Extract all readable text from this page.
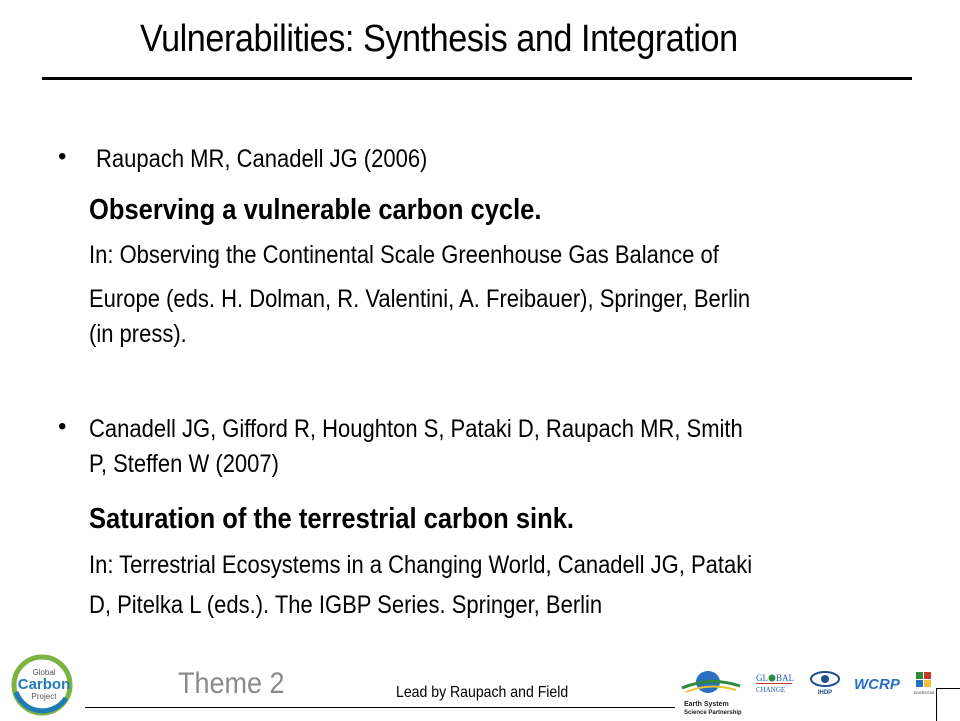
Vulnerabilities: Synthesis and Integration
• Raupach MR, Canadell JG (2006)
Observing a vulnerable carbon cycle.
In: Observing the Continental Scale Greenhouse Gas Balance of
Europe (eds. H. Dolman, R. Valentini, A. Freibauer), Springer, Berlin
(in press).
• Canadell JG, Gifford R, Houghton S, Pataki D, Raupach MR, Smith
P, Steffen W (2007)
Saturation of the terrestrial carbon sink.
In: Terrestrial Ecosystems in a Changing World, Canadell JG, Pataki
D, Pitelka L (eds.). The IGBP Series. Springer, Berlin
Global
Carbon
Project	Theme 2	Lead by Raupach and Field
Earth System
Science Partnership
GL BAL
CHANGE	IHDP WCRP	DIVERSITAS
